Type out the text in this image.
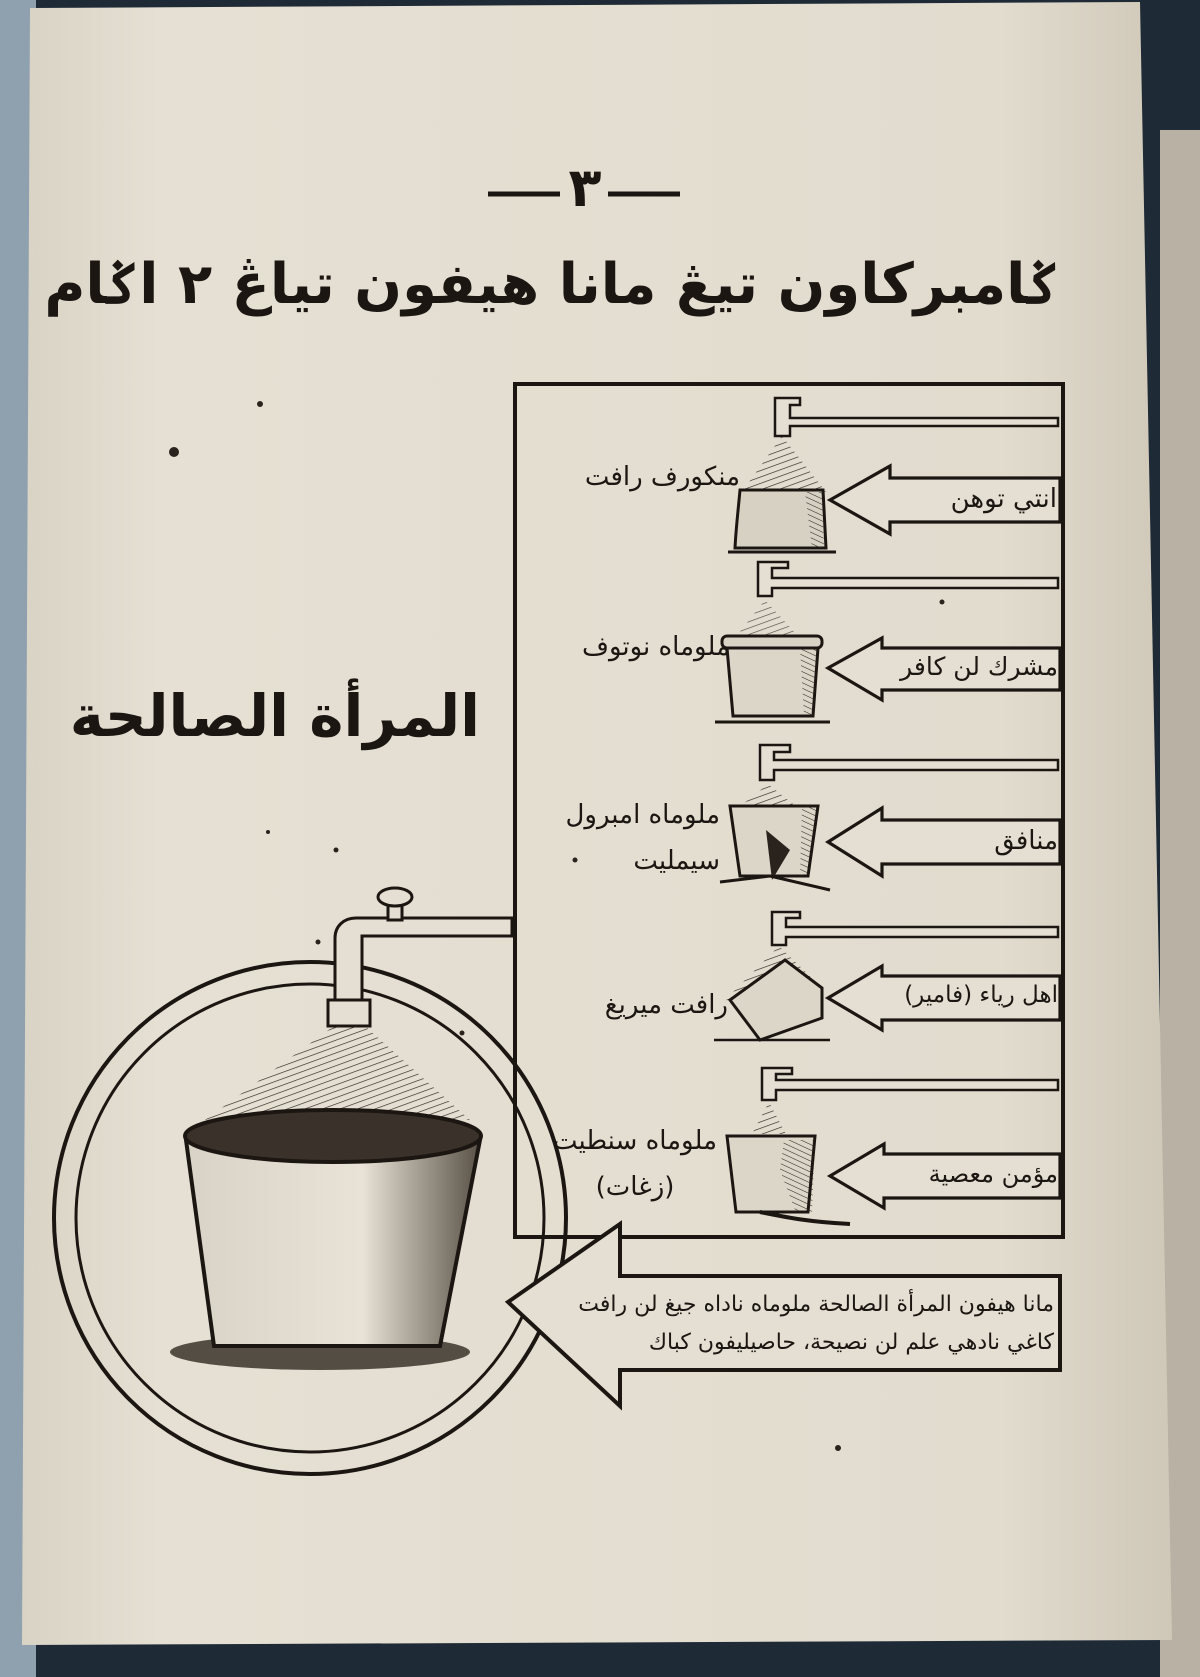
٣
ݢامبركاون تيڠ مانا هيفون تياڠ ٢ اݢام
المرأة الصالحة
منكورف رافت
انتي توهن
ملوماه نوتوف
مشرك لن كافر
ملوماه امبرول سيمليت
منافق
رافت ميريغ	اهل رياء (فامير)
ملوماه سنطيت (زغات)	مؤمن معصية
مانا هيفون المرأة الصالحة ملوماه ناداه جيغ لن رافت
كاغي نادهي علم لن نصيحة، حاصيليفون كباك
